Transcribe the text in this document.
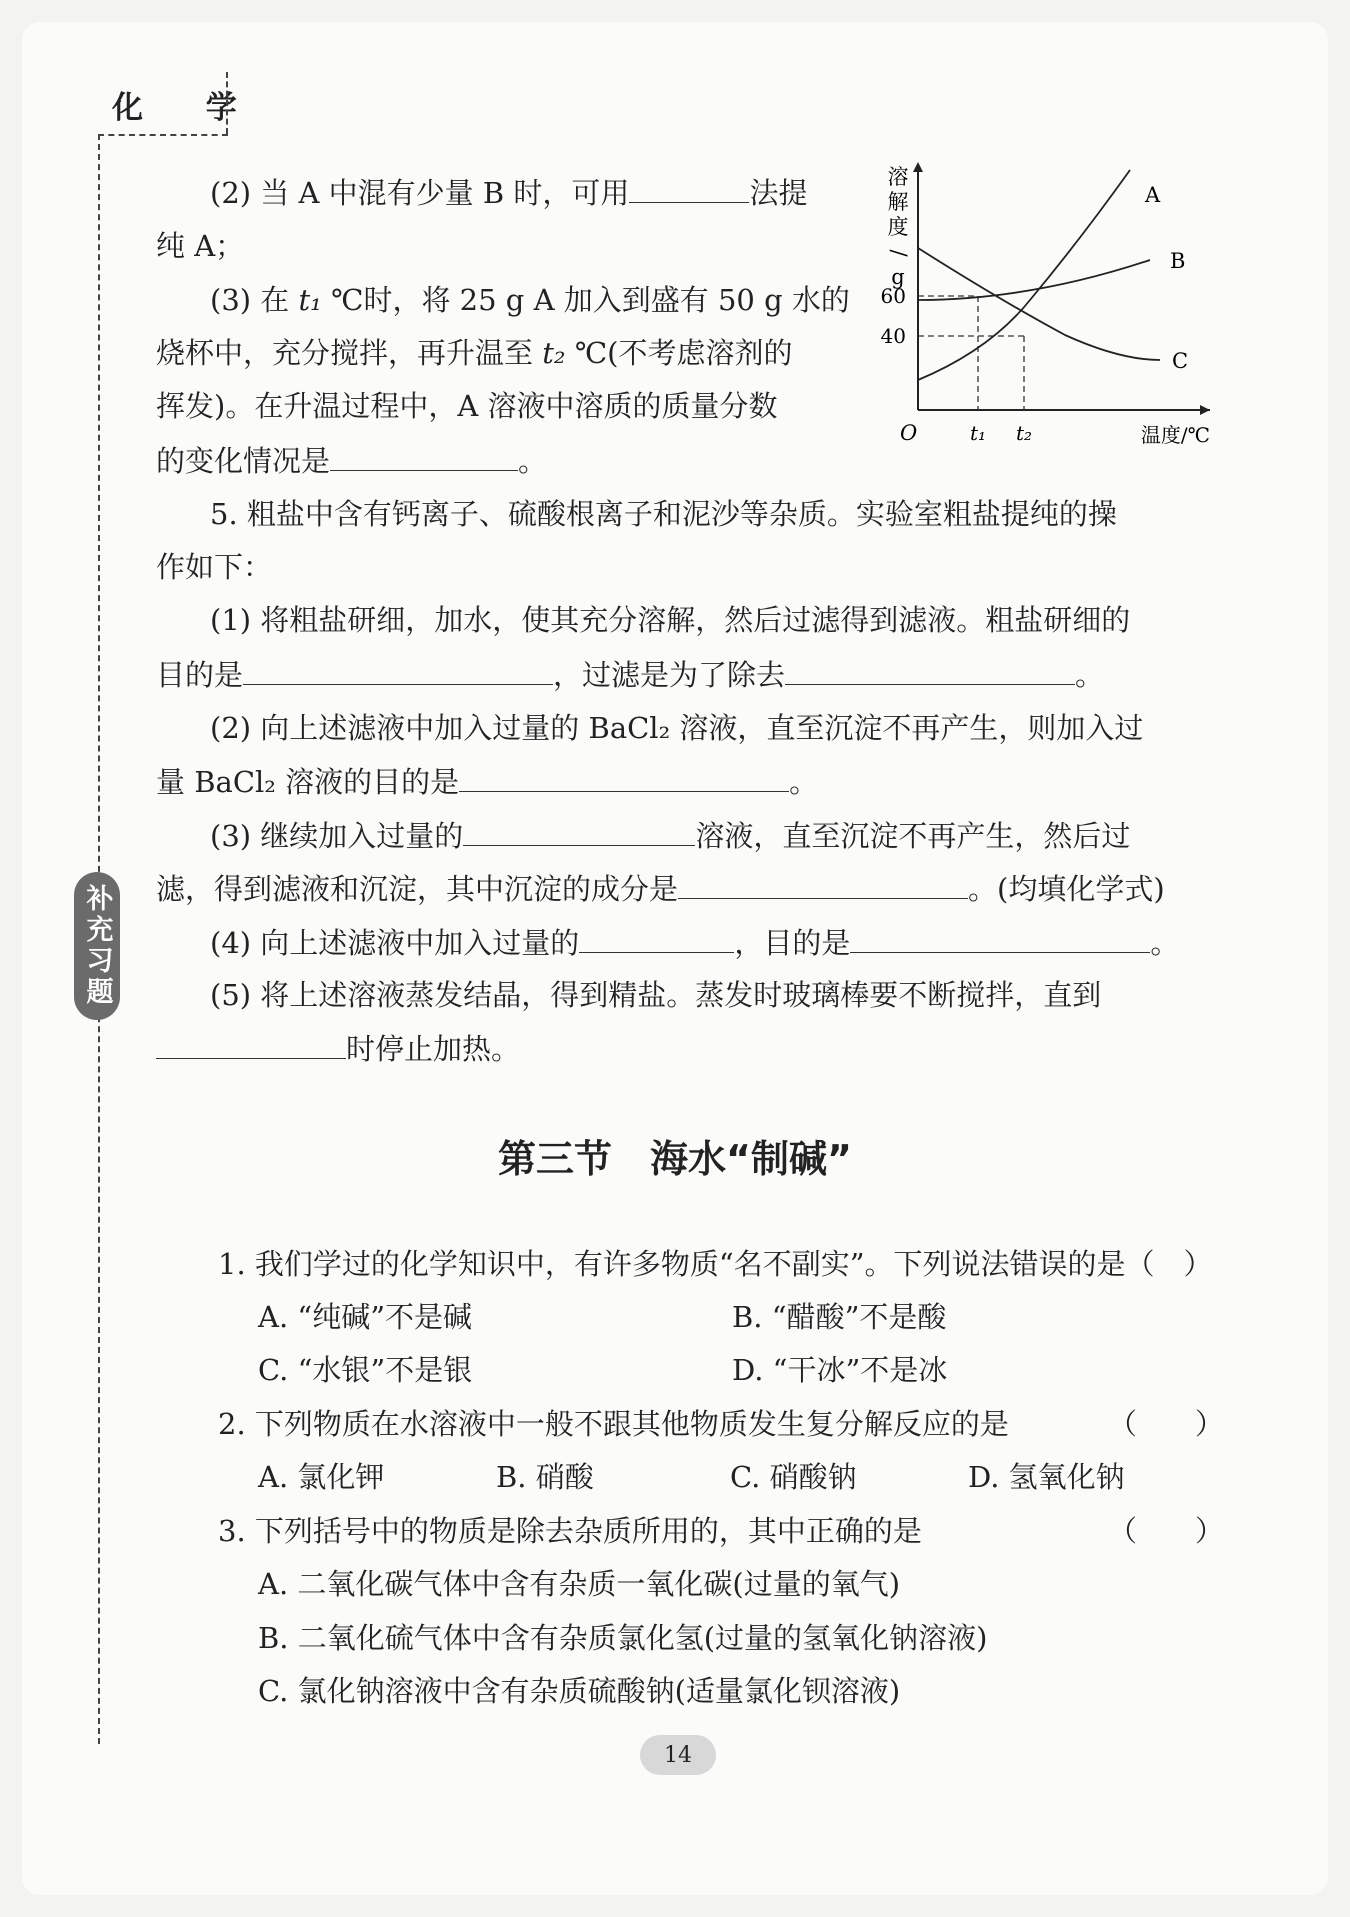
化 学
补充习题
溶
解
度
/
g
40
60
t₁ t₂
O	温度/℃
A
B
C
(2) 当 A 中混有少量 B 时，可用	法提
纯 A；
(3) 在 t₁ ℃时，将 25 g A 加入到盛有 50 g 水的
烧杯中，充分搅拌，再升温至 t₂ ℃(不考虑溶剂的
挥发)。在升温过程中，A 溶液中溶质的质量分数
的变化情况是	。
5. 粗盐中含有钙离子、硫酸根离子和泥沙等杂质。实验室粗盐提纯的操
作如下：
(1) 将粗盐研细，加水，使其充分溶解，然后过滤得到滤液。粗盐研细的
目的是	，过滤是为了除去	。
(2) 向上述滤液中加入过量的 BaCl₂ 溶液，直至沉淀不再产生，则加入过
量 BaCl₂ 溶液的目的是	。
(3) 继续加入过量的	溶液，直至沉淀不再产生，然后过
滤，得到滤液和沉淀，其中沉淀的成分是	。(均填化学式)
(4) 向上述滤液中加入过量的	，目的是	。
(5) 将上述溶液蒸发结晶，得到精盐。蒸发时玻璃棒要不断搅拌，直到
时停止加热。
第三节　海水“制碱”
1. 我们学过的化学知识中，有许多物质“名不副实”。下列说法错误的是（　）
A. “纯碱”不是碱	B. “醋酸”不是酸
C. “水银”不是银	D. “干冰”不是冰
2. 下列物质在水溶液中一般不跟其他物质发生复分解反应的是	（　　）
A. 氯化钾	B. 硝酸	C. 硝酸钠	D. 氢氧化钠
3. 下列括号中的物质是除去杂质所用的，其中正确的是	（　　）
A. 二氧化碳气体中含有杂质一氧化碳(过量的氧气)
B. 二氧化硫气体中含有杂质氯化氢(过量的氢氧化钠溶液)
C. 氯化钠溶液中含有杂质硫酸钠(适量氯化钡溶液)
14
